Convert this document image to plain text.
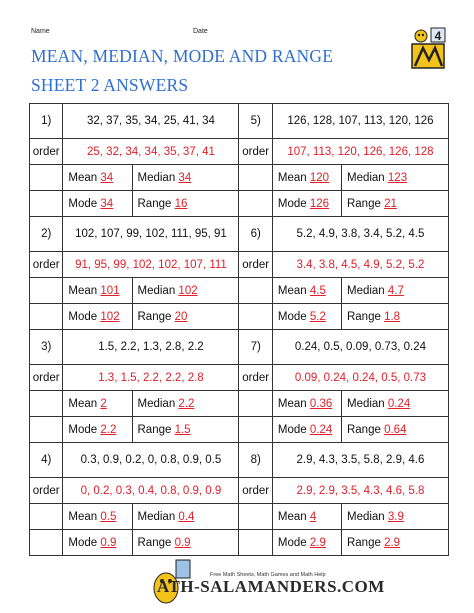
Name	Date
MEAN, MEDIAN, MODE AND RANGE
SHEET 2 ANSWERS
4
1)	32, 37, 35, 34, 25, 41, 34		5)	126, 128, 107, 113, 120, 126	
order	25, 32, 34, 34, 35, 37, 41		order	107, 113, 120, 126, 126, 128	
	Mean 34	Median 34		Mean 120	Median 123
	Mode 34	Range 16		Mode 126	Range 21
2)	102, 107, 99, 102, 111, 95, 91		6)	5.2, 4.9, 3.8, 3.4, 5.2, 4.5	
order	91, 95, 99, 102, 102, 107, 111		order	3.4, 3.8, 4.5, 4.9, 5.2, 5.2	
	Mean 101	Median 102		Mean 4.5	Median 4.7
	Mode 102	Range 20		Mode 5.2	Range 1.8
3)	1.5, 2.2, 1.3, 2.8, 2.2		7)	0.24, 0.5, 0.09, 0.73, 0.24	
order	1.3, 1.5, 2.2, 2.2, 2.8		order	0.09, 0.24, 0.24, 0.5, 0.73	
	Mean 2	Median 2.2		Mean 0.36	Median 0.24
	Mode 2.2	Range 1.5		Mode 0.24	Range 0.64
4)	0.3, 0.9, 0.2, 0, 0.8, 0.9, 0.5		8)	2.9, 4.3, 3.5, 5.8, 2.9, 4.6	
order	0, 0.2, 0.3, 0.4, 0.8, 0.9, 0.9		order	2.9, 2.9, 3.5, 4.3, 4.6, 5.8	
	Mean 0.5	Median 0.4		Mean 4	Median 3.9
	Mode 0.9	Range 0.9		Mode 2.9	Range 2.9
Free Math Sheets, Math Games and Math Help
ATH-SALAMANDERS.COM
